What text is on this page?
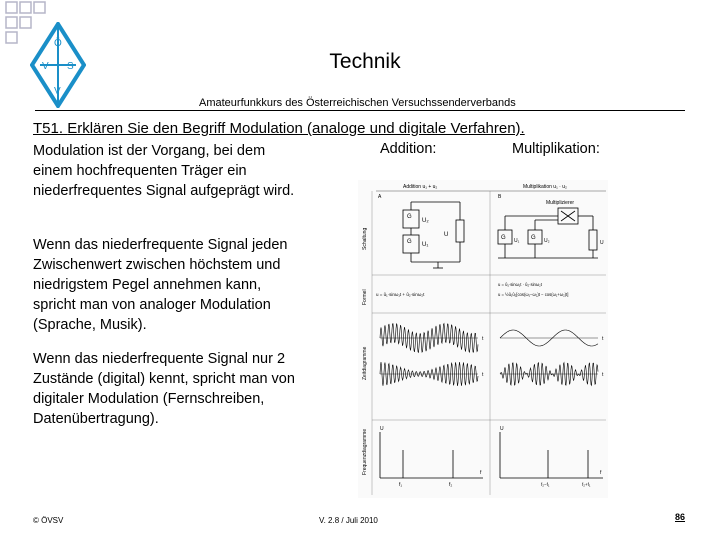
Ö
V S
V
Technik
Amateurfunkkurs des Österreichischen Versuchssenderverbands
T51. Erklären Sie den Begriff Modulation (analoge und digitale Verfahren).

Modulation ist der Vorgang, bei dem einem hochfrequenten Träger ein niederfrequentes Signal aufgeprägt wird.

Wenn das niederfrequente Signal jeden Zwischenwert zwischen höchstem und niedrigstem Pegel annehmen kann, spricht man von analoger Modulation (Sprache, Musik).

Wenn das niederfrequente Signal nur 2 Zustände (digital) kennt, spricht man von digitaler Modulation (Fernschreiben, Datenübertragung).

Addition:	Multiplikation:
Addition u₁ + u₂	Multiplikation u₁ · u₂
A	B
Schaltung
Formel
Zeitdiagramme
Frequenzdiagramme
G
G
U₂
U₁
U
Multiplizierer
G	G
U₁	U₂	U
u = û₁·sinω₁t + û₂·sinω₂t
u = û₁·sinω₁t · û₂·sinω₂t
u = ½û₁û₂[cos(ω₁−ω₂)t − cos(ω₁+ω₂)t]
U	U
f	f
f₁	f₂	f₂−f₁	f₂+f₁
t
t
t
t
© ÖVSV	V. 2.8 / Juli 2010	86
